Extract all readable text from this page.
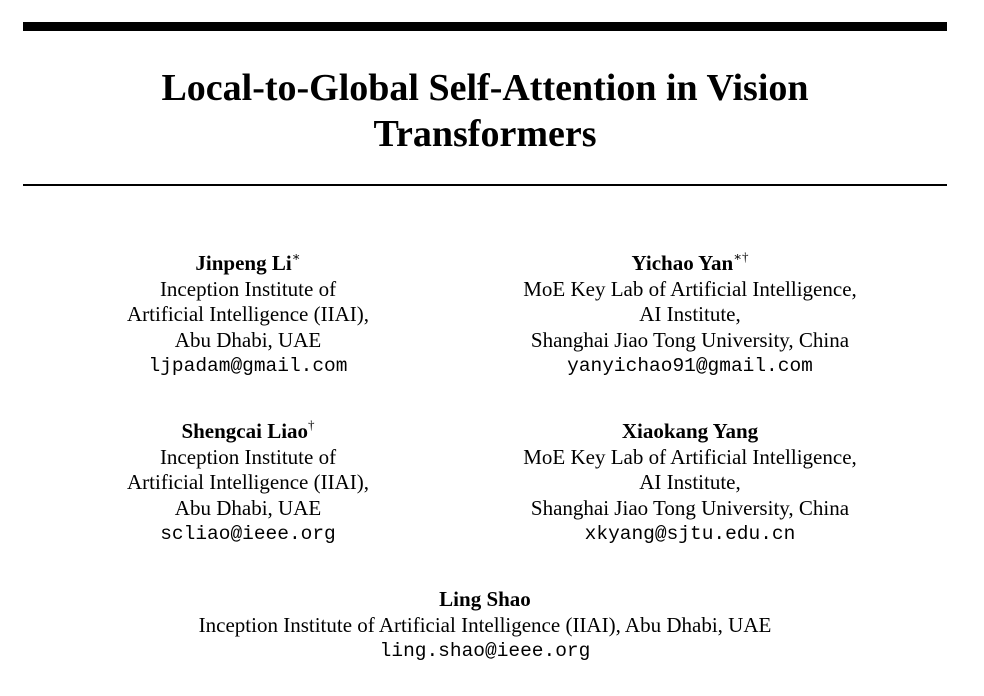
Local-to-Global Self-Attention in Vision
Transformers
Jinpeng Li∗
Inception Institute of
Artificial Intelligence (IIAI),
Abu Dhabi, UAE
ljpadam@gmail.com
Yichao Yan∗†
MoE Key Lab of Artificial Intelligence,
AI Institute,
Shanghai Jiao Tong University, China
yanyichao91@gmail.com
Shengcai Liao†
Inception Institute of
Artificial Intelligence (IIAI),
Abu Dhabi, UAE
scliao@ieee.org
Xiaokang Yang
MoE Key Lab of Artificial Intelligence,
AI Institute,
Shanghai Jiao Tong University, China
xkyang@sjtu.edu.cn
Ling Shao
Inception Institute of Artificial Intelligence (IIAI), Abu Dhabi, UAE
ling.shao@ieee.org
